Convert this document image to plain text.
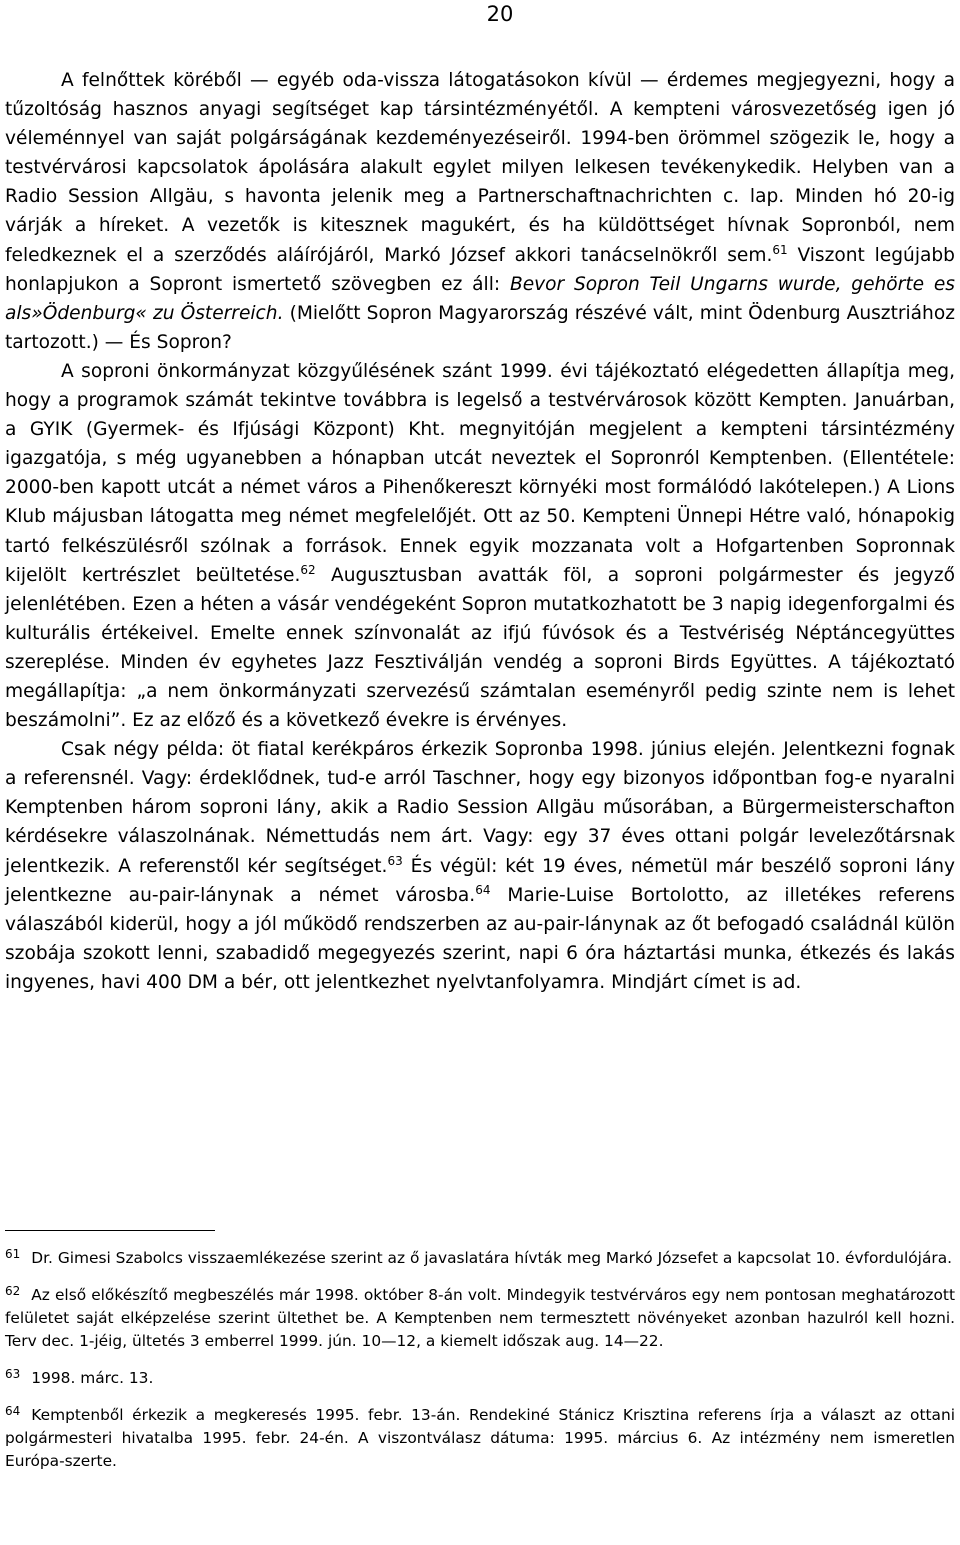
20

A felnőttek köréből — egyéb oda-vissza látogatásokon kívül — érdemes megjegyezni, hogy a tűzoltóság hasznos anyagi segítséget kap társintézményétől. A kempteni városvezetőség igen jó véleménnyel van saját polgárságának kezdeményezéseiről. 1994-ben örömmel szögezik le, hogy a testvérvárosi kapcsolatok ápolására alakult egylet milyen lelkesen tevékenykedik. Helyben van a Radio Session Allgäu, s havonta jelenik meg a Partnerschaftnachrichten c. lap. Minden hó 20-ig várják a híreket. A vezetők is kitesznek magukért, és ha küldöttséget hívnak Sopronból, nem feledkeznek el a szerződés aláírójáról, Markó József akkori tanácselnökről sem.$^{61}$ Viszont legújabb honlapjukon a Sopront ismertető szövegben ez áll: Bevor Sopron Teil Ungarns wurde, gehörte es als»Ödenburg« zu Österreich. (Mielőtt Sopron Magyarország részévé vált, mint Ödenburg Ausztriához tartozott.) — És Sopron?

A soproni önkormányzat közgyűlésének szánt 1999. évi tájékoztató elégedetten állapítja meg, hogy a programok számát tekintve továbbra is legelső a testvérvárosok között Kempten. Januárban, a GYIK (Gyermek- és Ifjúsági Központ) Kht. megnyitóján megjelent a kempteni társintézmény igazgatója, s még ugyanebben a hónapban utcát neveztek el Sopronról Kemptenben. (Ellentétele: 2000-ben kapott utcát a német város a Pihenőkereszt környéki most formálódó lakótelepen.) A Lions Klub májusban látogatta meg német megfelelőjét. Ott az 50. Kempteni Ünnepi Hétre való, hónapokig tartó felkészülésről szólnak a források. Ennek egyik mozzanata volt a Hofgartenben Sopronnak kijelölt kertrészlet beültetése.$^{62}$ Augusztusban avatták föl, a soproni polgármester és jegyző jelenlétében. Ezen a héten a vásár vendégeként Sopron mutatkozhatott be 3 napig idegenforgalmi és kulturális értékeivel. Emelte ennek színvonalát az ifjú fúvósok és a Testvériség Néptáncegyüttes szereplése. Minden év egyhetes Jazz Fesztiválján vendég a soproni Birds Együttes. A tájékoztató megállapítja: „a nem önkormányzati szervezésű számtalan eseményről pedig szinte nem is lehet beszámolni”. Ez az előző és a következő évekre is érvényes.

Csak négy példa: öt fiatal kerékpáros érkezik Sopronba 1998. június elején. Jelentkezni fognak a referensnél. Vagy: érdeklődnek, tud-e arról Taschner, hogy egy bizonyos időpontban fog-e nyaralni Kemptenben három soproni lány, akik a Radio Session Allgäu műsorában, a Bürgermeisterschafton kérdésekre válaszolnának. Némettudás nem árt. Vagy: egy 37 éves ottani polgár levelezőtársnak jelentkezik. A referenstől kér segítséget.$^{63}$ És végül: két 19 éves, németül már beszélő soproni lány jelentkezne au-pair-lánynak a német városba.$^{64}$ Marie-Luise Bortolotto, az illetékes referens válaszából kiderül, hogy a jól működő rendszerben az au-pair-lánynak az őt befogadó családnál külön szobája szokott lenni, szabadidő megegyezés szerint, napi 6 óra háztartási munka, étkezés és lakás ingyenes, havi 400 DM a bér, ott jelentkezhet nyelvtanfolyamra. Mindjárt címet is ad.

$^{61}$ Dr. Gimesi Szabolcs visszaemlékezése szerint az ő javaslatára hívták meg Markó Józsefet a kapcsolat 10. évfordulójára.

$^{62}$ Az első előkészítő megbeszélés már 1998. október 8-án volt. Mindegyik testvérváros egy nem pontosan meghatározott felületet saját elképzelése szerint ültethet be. A Kemptenben nem termesztett növényeket azonban hazulról kell hozni. Terv dec. 1-jéig, ültetés 3 emberrel 1999. jún. 10—12, a kiemelt időszak aug. 14—22.

$^{63}$ 1998. márc. 13.

$^{64}$ Kemptenből érkezik a megkeresés 1995. febr. 13-án. Rendekiné Stánicz Krisztina referens írja a választ az ottani polgármesteri hivatalba 1995. febr. 24-én. A viszontválasz dátuma: 1995. március 6. Az intézmény nem ismeretlen Európa-szerte.
